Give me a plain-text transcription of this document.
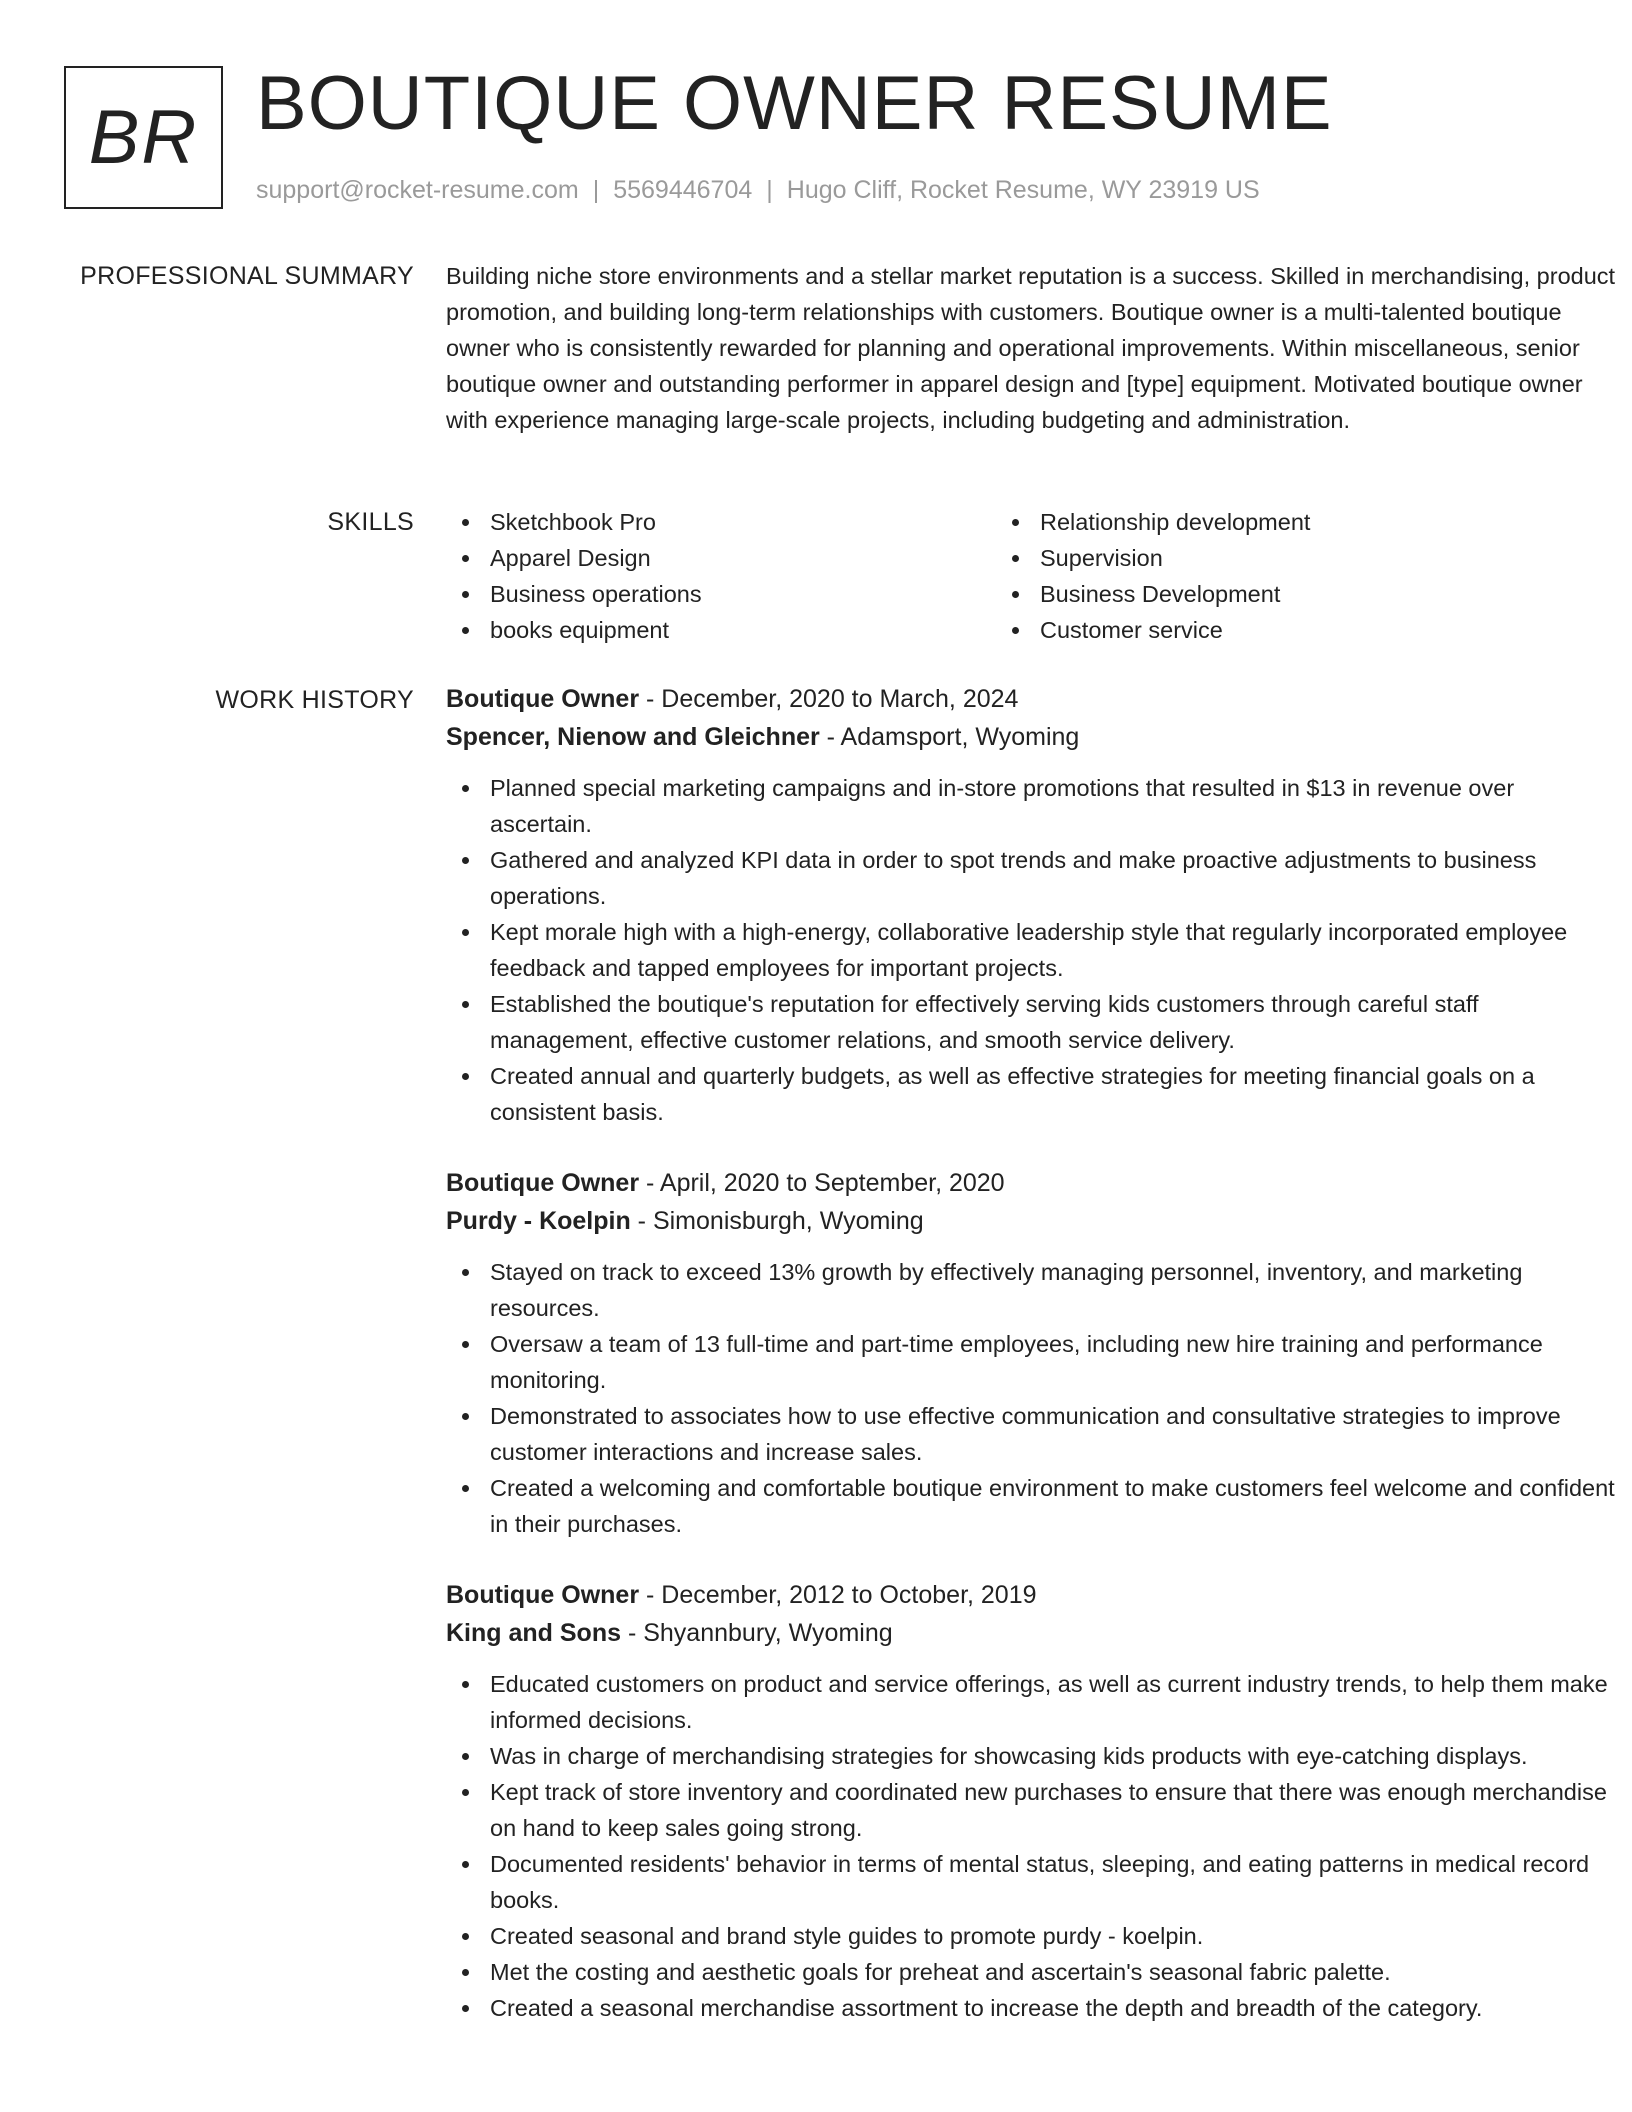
BR BOUTIQUE OWNER RESUME
support@rocket-resume.com | 5569446704 | Hugo Cliff, Rocket Resume, WY 23919 US
PROFESSIONAL SUMMARY Building niche store environments and a stellar market reputation is a success. Skilled in merchandising, product promotion, and building long-term relationships with customers. Boutique owner is a multi-talented boutique owner who is consistently rewarded for planning and operational improvements. Within miscellaneous, senior boutique owner and outstanding performer in apparel design and [type] equipment. Motivated boutique owner with experience managing large-scale projects, including budgeting and administration.

SKILLS	Sketchbook Pro
Apparel Design
Business operations
books equipment
Relationship development
Supervision
Business Development
Customer service
WORK HISTORY Boutique Owner - December, 2020 to March, 2024
Spencer, Nienow and Gleichner - Adamsport, Wyoming
Planned special marketing campaigns and in-store promotions that resulted in $13 in revenue over ascertain.
Gathered and analyzed KPI data in order to spot trends and make proactive adjustments to business operations.
Kept morale high with a high-energy, collaborative leadership style that regularly incorporated employee feedback and tapped employees for important projects.
Established the boutique's reputation for effectively serving kids customers through careful staff management, effective customer relations, and smooth service delivery.
Created annual and quarterly budgets, as well as effective strategies for meeting financial goals on a consistent basis.
Boutique Owner - April, 2020 to September, 2020
Purdy - Koelpin - Simonisburgh, Wyoming
Stayed on track to exceed 13% growth by effectively managing personnel, inventory, and marketing resources.
Oversaw a team of 13 full-time and part-time employees, including new hire training and performance monitoring.
Demonstrated to associates how to use effective communication and consultative strategies to improve customer interactions and increase sales.
Created a welcoming and comfortable boutique environment to make customers feel welcome and confident in their purchases.
Boutique Owner - December, 2012 to October, 2019
King and Sons - Shyannbury, Wyoming
Educated customers on product and service offerings, as well as current industry trends, to help them make informed decisions.
Was in charge of merchandising strategies for showcasing kids products with eye-catching displays.
Kept track of store inventory and coordinated new purchases to ensure that there was enough merchandise on hand to keep sales going strong.
Documented residents' behavior in terms of mental status, sleeping, and eating patterns in medical record books.
Created seasonal and brand style guides to promote purdy - koelpin.
Met the costing and aesthetic goals for preheat and ascertain's seasonal fabric palette.
Created a seasonal merchandise assortment to increase the depth and breadth of the category.
